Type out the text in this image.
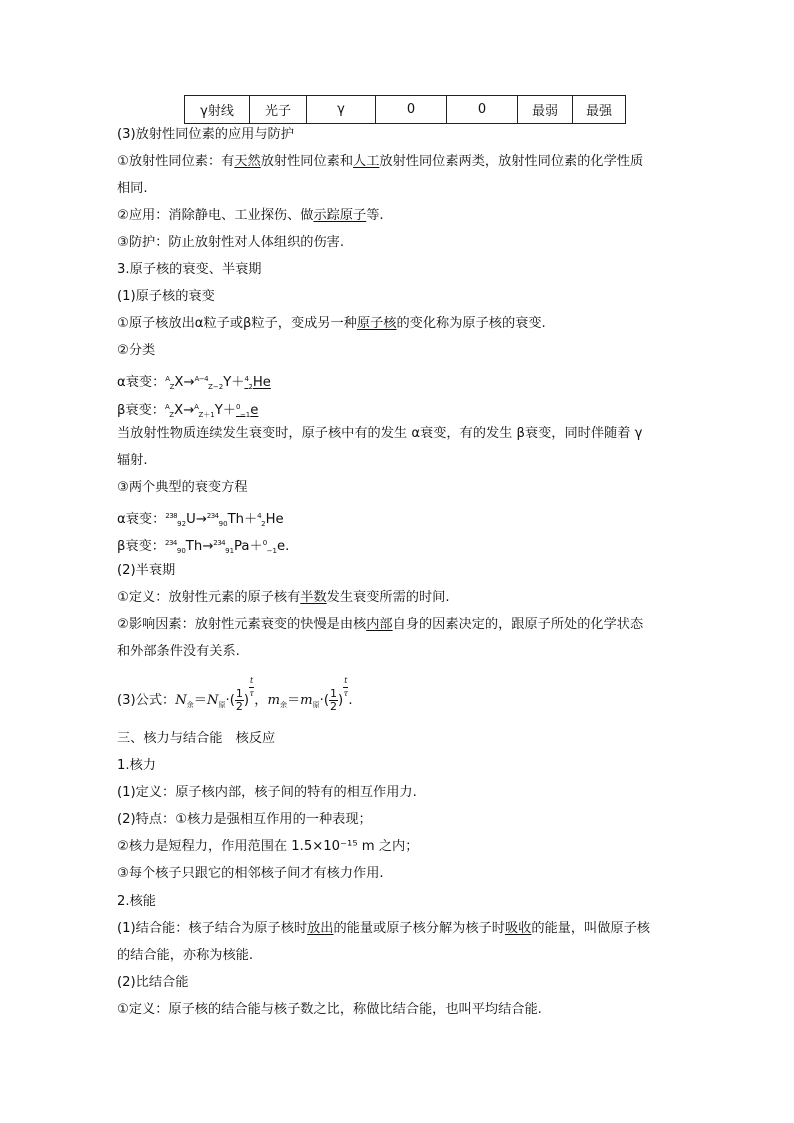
γ射线	光子	γ	0	0	最弱	最强
(3)放射性同位素的应用与防护
①放射性同位素：有天然放射性同位素和人工放射性同位素两类，放射性同位素的化学性质
相同.
②应用：消除静电、工业探伤、做示踪原子等.
③防护：防止放射性对人体组织的伤害.
3.原子核的衰变、半衰期
(1)原子核的衰变
①原子核放出α粒子或β粒子，变成另一种原子核的变化称为原子核的衰变.
②分类
α衰变：$^A_Z$X→$^{A-4}_{Z-2}$Y＋$^4_2$He
β衰变：$^A_Z$X→$^A_{Z+1}$Y＋$^0_{-1}$e
当放射性物质连续发生衰变时，原子核中有的发生 α衰变，有的发生 β衰变，同时伴随着 γ
辐射.
③两个典型的衰变方程
α衰变：$^{238}_{92}$U→$^{234}_{90}$Th＋$^4_2$He
β衰变：$^{234}_{90}$Th→$^{234}_{91}$Pa＋$^0_{-1}$e.
(2)半衰期
①定义：放射性元素的原子核有半数发生衰变所需的时间.
②影响因素：放射性元素衰变的快慢是由核内部自身的因素决定的，跟原子所处的化学状态
和外部条件没有关系.
(3)公式：$N_余=N_原\cdot( \frac{1}{2}$ )
$\frac{t}{\tau}$
，$m_余=m_原\cdot( \frac{1}{2}$ )
$\frac{t}{\tau}$
.
三、核力与结合能　核反应
1.核力
(1)定义：原子核内部，核子间的特有的相互作用力.
(2)特点：①核力是强相互作用的一种表现；
②核力是短程力，作用范围在 1.5×10⁻¹⁵ m 之内；
③每个核子只跟它的相邻核子间才有核力作用.
2.核能
(1)结合能：核子结合为原子核时放出的能量或原子核分解为核子时吸收的能量，叫做原子核
的结合能，亦称为核能.
(2)比结合能
①定义：原子核的结合能与核子数之比，称做比结合能，也叫平均结合能.
